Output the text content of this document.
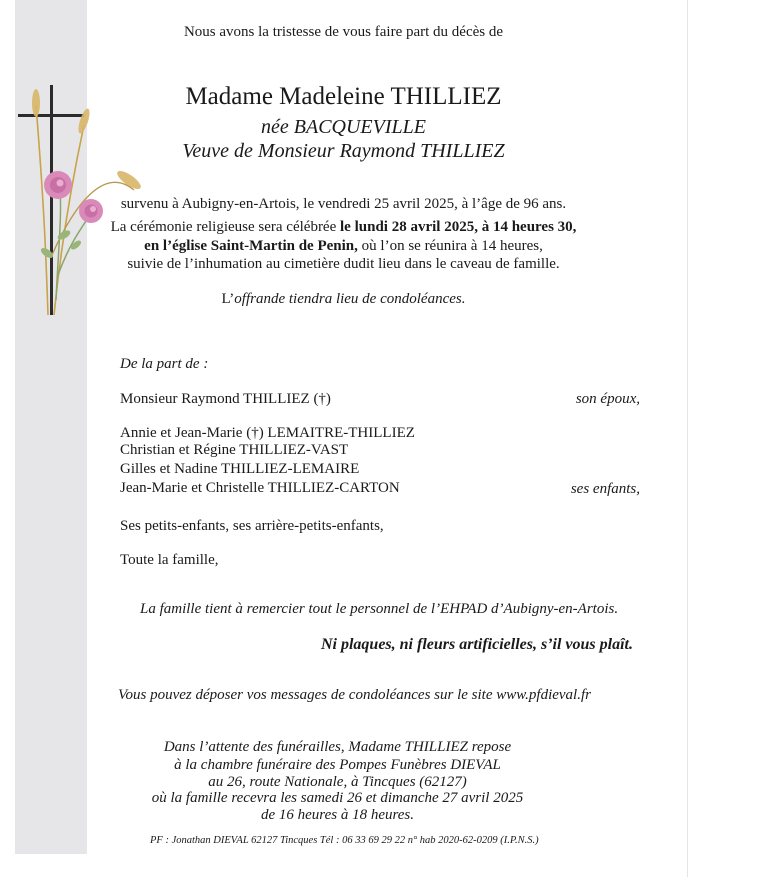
Nous avons la tristesse de vous faire part du décès de
Madame Madeleine THILLIEZ
née BACQUEVILLE
Veuve de Monsieur Raymond THILLIEZ
survenu à Aubigny-en-Artois, le vendredi 25 avril 2025, à l’âge de 96 ans.
La cérémonie religieuse sera célébrée le lundi 28 avril 2025, à 14 heures 30,
en l’église Saint-Martin de Penin, où l’on se réunira à 14 heures,
suivie de l’inhumation au cimetière dudit lieu dans le caveau de famille.
L’offrande tiendra lieu de condoléances.
De la part de :
Monsieur Raymond THILLIEZ (†)	son époux,
Annie et Jean-Marie (†) LEMAITRE-THILLIEZ
Christian et Régine THILLIEZ-VAST
Gilles et Nadine THILLIEZ-LEMAIRE
Jean-Marie et Christelle THILLIEZ-CARTON	ses enfants,
Ses petits-enfants, ses arrière-petits-enfants,
Toute la famille,
La famille tient à remercier tout le personnel de l’EHPAD d’Aubigny-en-Artois.
Ni plaques, ni fleurs artificielles, s’il vous plaît.
Vous pouvez déposer vos messages de condoléances sur le site www.pfdieval.fr
Dans l’attente des funérailles, Madame THILLIEZ repose
à la chambre funéraire des Pompes Funèbres DIEVAL
au 26, route Nationale, à Tincques (62127)
où la famille recevra les samedi 26 et dimanche 27 avril 2025
de 16 heures à 18 heures.
PF : Jonathan DIEVAL 62127 Tincques Tél : 06 33 69 29 22 n° hab 2020-62-0209 (I.P.N.S.)
